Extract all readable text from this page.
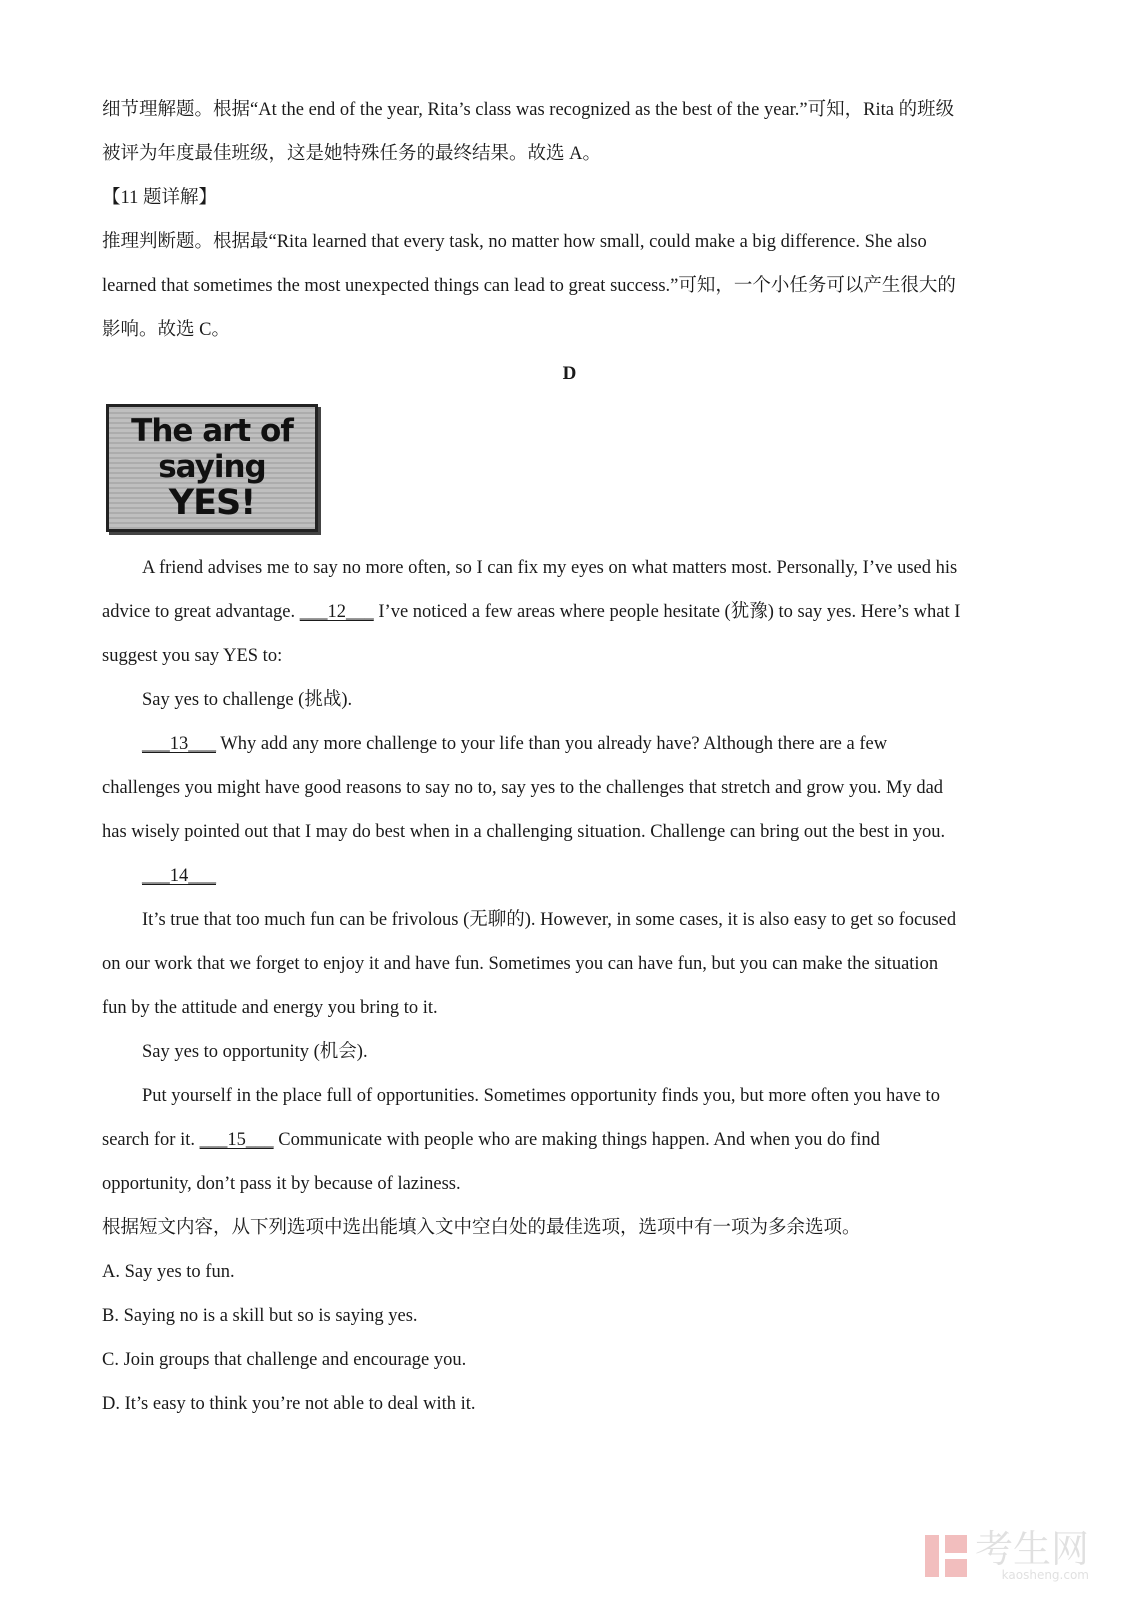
细节理解题。根据“At the end of the year, Rita’s class was recognized as the best of the year.”可知，Rita 的班级

被评为年度最佳班级，这是她特殊任务的最终结果。故选 A。

【11 题详解】

推理判断题。根据最“Rita learned that every task, no matter how small, could make a big difference. She also

learned that sometimes the most unexpected things can lead to great success.”可知，一个小任务可以产生很大的

影响。故选 C。

D

The art of
saying
YES!

A friend advises me to say no more often, so I can fix my eyes on what matters most. Personally, I’ve used his

advice to great advantage. ___12___ I’ve noticed a few areas where people hesitate (犹豫) to say yes. Here’s what I

suggest you say YES to:

Say yes to challenge (挑战).

___13___ Why add any more challenge to your life than you already have? Although there are a few

challenges you might have good reasons to say no to, say yes to the challenges that stretch and grow you. My dad

has wisely pointed out that I may do best when in a challenging situation. Challenge can bring out the best in you.

___14___

It’s true that too much fun can be frivolous (无聊的). However, in some cases, it is also easy to get so focused

on our work that we forget to enjoy it and have fun. Sometimes you can have fun, but you can make the situation

fun by the attitude and energy you bring to it.

Say yes to opportunity (机会).

Put yourself in the place full of opportunities. Sometimes opportunity finds you, but more often you have to

search for it. ___15___ Communicate with people who are making things happen. And when you do find

opportunity, don’t pass it by because of laziness.

根据短文内容，从下列选项中选出能填入文中空白处的最佳选项，选项中有一项为多余选项。

A. Say yes to fun.

B. Saying no is a skill but so is saying yes.

C. Join groups that challenge and encourage you.

D. It’s easy to think you’re not able to deal with it.

考生网
kaosheng.com
